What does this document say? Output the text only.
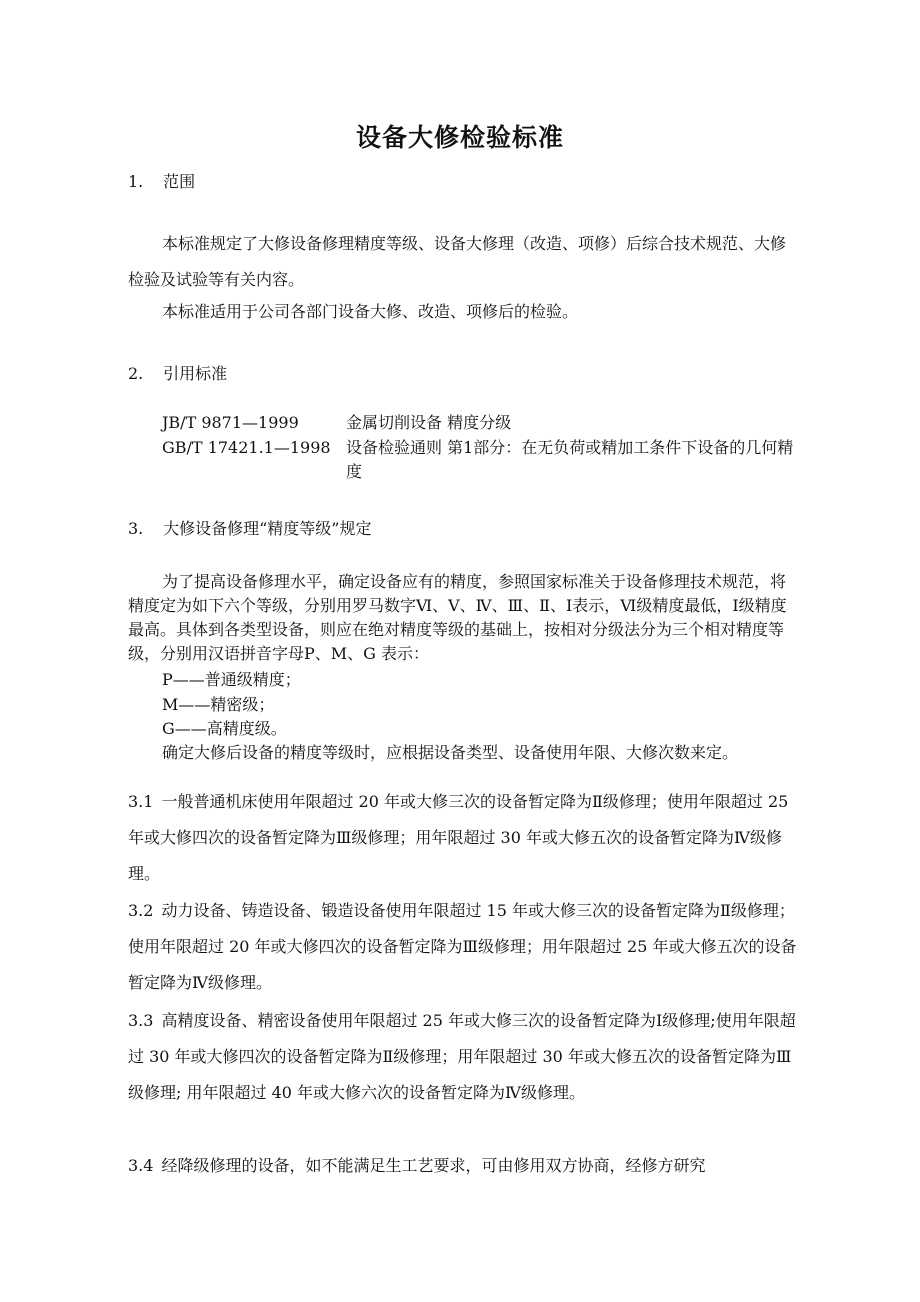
设备大修检验标准
1. 范围

本标准规定了大修设备修理精度等级、设备大修理（改造、项修）后综合技术规范、大修检验及试验等有关内容。

本标准适用于公司各部门设备大修、改造、项修后的检验。

2. 引用标准
JB/T 9871—1999	金属切削设备 精度分级
GB/T 17421.1—1998 设备检验通则 第1部分：在无负荷或精加工条件下设备的几何精度
3. 大修设备修理“精度等级”规定

为了提高设备修理水平，确定设备应有的精度，参照国家标准关于设备修理技术规范，将精度定为如下六个等级，分别用罗马数字Ⅵ、Ⅴ、Ⅳ、Ⅲ、Ⅱ、Ⅰ表示，Ⅵ级精度最低，Ⅰ级精度最高。具体到各类型设备，则应在绝对精度等级的基础上，按相对分级法分为三个相对精度等级，分别用汉语拼音字母P、M、G 表示：

P——普通级精度；
M——精密级；
G——高精度级。

确定大修后设备的精度等级时，应根据设备类型、设备使用年限、大修次数来定。

3.1 一般普通机床使用年限超过 20 年或大修三次的设备暂定降为Ⅱ级修理；使用年限超过 25 年或大修四次的设备暂定降为Ⅲ级修理；用年限超过 30 年或大修五次的设备暂定降为Ⅳ级修理。

3.2 动力设备、铸造设备、锻造设备使用年限超过 15 年或大修三次的设备暂定降为Ⅱ级修理；使用年限超过 20 年或大修四次的设备暂定降为Ⅲ级修理；用年限超过 25 年或大修五次的设备暂定降为Ⅳ级修理。

3.3 高精度设备、精密设备使用年限超过 25 年或大修三次的设备暂定降为Ⅰ级修理;使用年限超过 30 年或大修四次的设备暂定降为Ⅱ级修理；用年限超过 30 年或大修五次的设备暂定降为Ⅲ级修理; 用年限超过 40 年或大修六次的设备暂定降为Ⅳ级修理。

3.4 经降级修理的设备，如不能满足生工艺要求，可由修用双方协商，经修方研究
